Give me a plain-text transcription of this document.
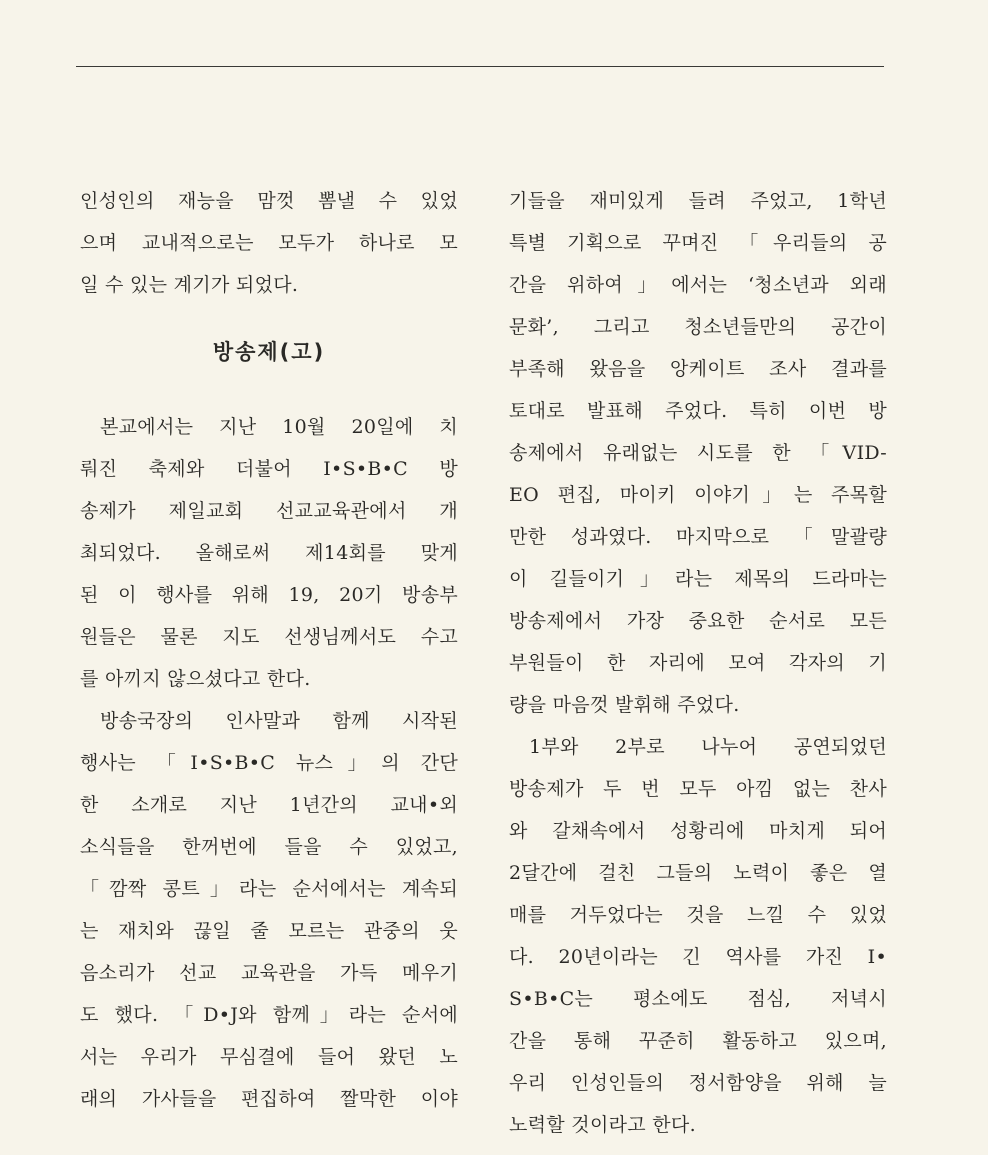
인성인의 재능을 맘껏 뽐낼 수 있었
으며 교내적으로는 모두가 하나로 모
일 수 있는 계기가 되었다.
방송제(고)
본교에서는 지난 10월 20일에 치
뤄진 축제와 더불어 I•S•B•C 방
송제가 제일교회 선교교육관에서 개
최되었다. 올해로써 제14회를 맞게
된 이 행사를 위해 19, 20기 방송부
원들은 물론 지도 선생님께서도 수고
를 아끼지 않으셨다고 한다.
방송국장의 인사말과 함께 시작된
행사는 「I•S•B•C 뉴스」의 간단
한 소개로 지난 1년간의 교내•외
소식들을 한꺼번에 들을 수 있었고,
「깜짝 콩트」라는 순서에서는 계속되
는 재치와 끊일 줄 모르는 관중의 웃
음소리가 선교 교육관을 가득 메우기
도 했다. 「D•J와 함께」라는 순서에
서는 우리가 무심결에 들어 왔던 노
래의 가사들을 편집하여 짤막한 이야
기들을 재미있게 들려 주었고, 1학년
특별 기획으로 꾸며진 「우리들의 공
간을 위하여」에서는 ‘청소년과 외래
문화’, 그리고 청소년들만의 공간이
부족해 왔음을 앙케이트 조사 결과를
토대로 발표해 주었다. 특히 이번 방
송제에서 유래없는 시도를 한 「VID-
EO 편집, 마이키 이야기」는 주목할
만한 성과였다. 마지막으로 「말괄량
이 길들이기」라는 제목의 드라마는
방송제에서 가장 중요한 순서로 모든
부원들이 한 자리에 모여 각자의 기
량을 마음껏 발휘해 주었다.
1부와 2부로 나누어 공연되었던
방송제가 두 번 모두 아낌 없는 찬사
와 갈채속에서 성황리에 마치게 되어
2달간에 걸친 그들의 노력이 좋은 열
매를 거두었다는 것을 느낄 수 있었
다. 20년이라는 긴 역사를 가진 I•
S•B•C는 평소에도 점심, 저녁시
간을 통해 꾸준히 활동하고 있으며,
우리 인성인들의 정서함양을 위해 늘
노력할 것이라고 한다.
